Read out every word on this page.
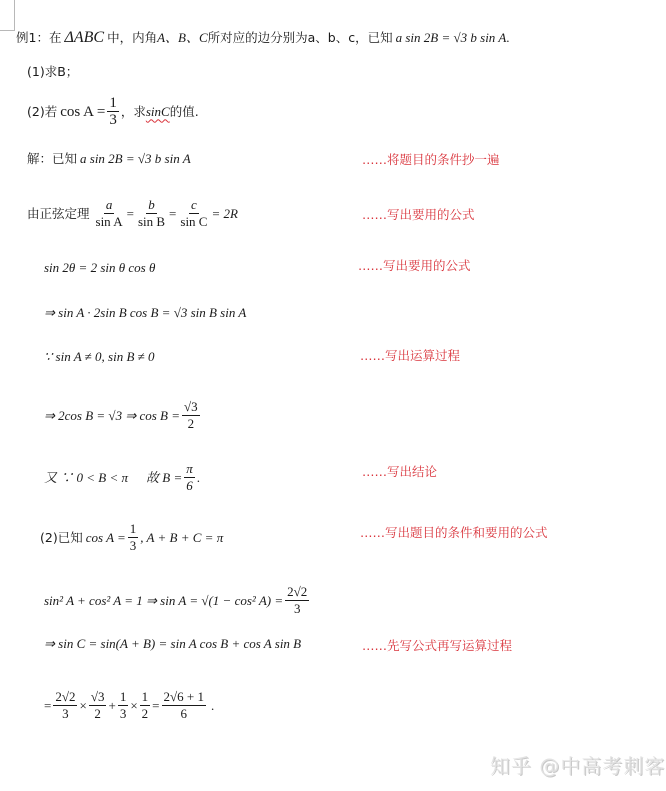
例1：在 ΔABC 中，内角 A、B、C 所对应的边分别为a、b、c，已知 a sin 2B = √3 b sin A .
(1)求B；
(2)若 $\cos A = \frac{1}{3}$ ，求 sinC 的值.
解：已知 a sin 2B = √3 b sin A	……将题目的条件抄一遍
由正弦定理 $\frac{a}{\text{sin A}} = \frac{b}{\text{sin B}} = \frac{c}{\text{sin C}} = 2R$	……写出要用的公式
sin 2θ = 2 sin θ cos θ	……写出要用的公式
⇒ sin A · 2sin B cos B = √3 sin B sin A
∵ sin A ≠ 0, sin B ≠ 0	……写出运算过程
⇒ 2cos B = √3 ⇒ $\cos B = \frac{√3}{2}$
又 ∵ 0 < B < π 故 $B = \frac{\pi}{6}$ .	……写出结论
(2)已知 $\cos A = \frac{1}{3}$ , A + B + C = π	……写出题目的条件和要用的公式
sin² A + cos² A = 1 ⇒ sin A = √(1 − cos² $A) = \frac{2√2}{3}$
⇒ sin C = sin(A + B) = sin A cos B + cos A sin B	……先写公式再写运算过程
= $\frac{2√2}{3} \times \frac{√3}{2} + \frac{1}{3} \times \frac{1}{2} = \frac{2√6 + 1}{6}$ .
知乎 @中高考刺客
